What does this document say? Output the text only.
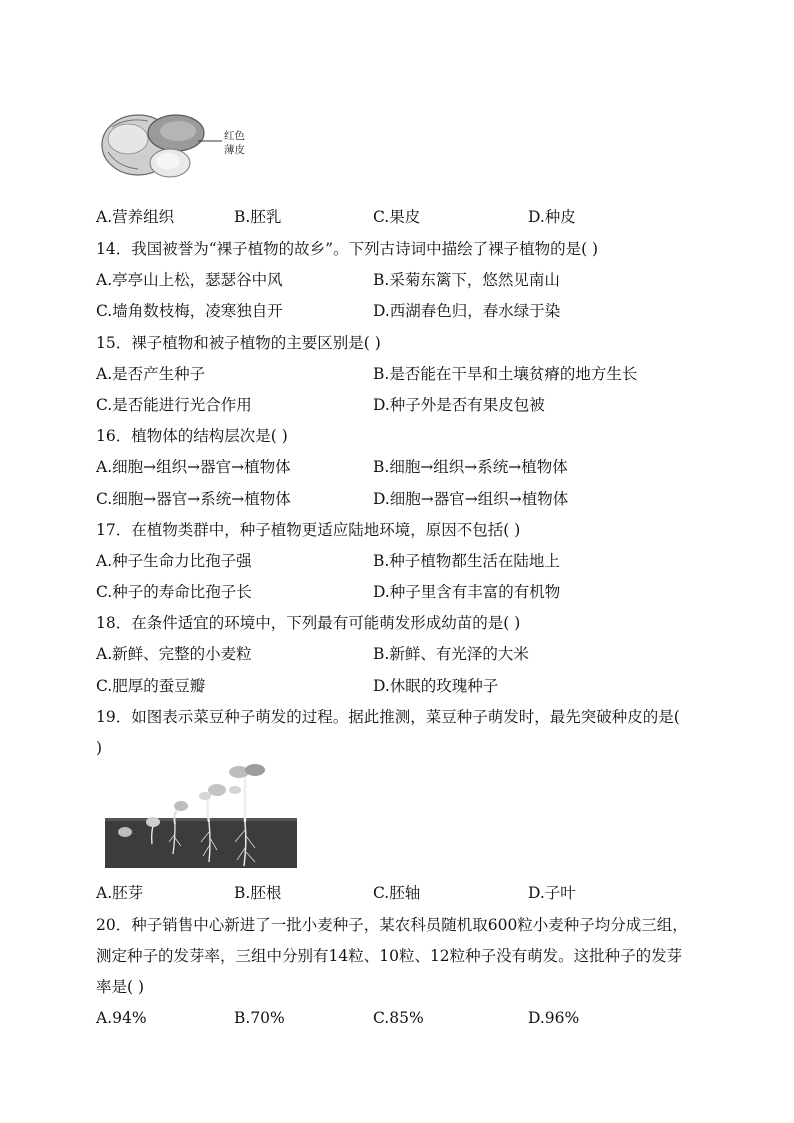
红色
薄皮
A.营养组织	B.胚乳	C.果皮	D.种皮
14．我国被誉为“裸子植物的故乡”。下列古诗词中描绘了裸子植物的是( )
A.亭亭山上松，瑟瑟谷中风	B.采菊东篱下，悠然见南山
C.墙角数枝梅，凌寒独自开	D.西湖春色归，春水绿于染
15．裸子植物和被子植物的主要区别是( )
A.是否产生种子	B.是否能在干旱和土壤贫瘠的地方生长
C.是否能进行光合作用	D.种子外是否有果皮包被
16．植物体的结构层次是( )
A.细胞→组织→器官→植物体	B.细胞→组织→系统→植物体
C.细胞→器官→系统→植物体	D.细胞→器官→组织→植物体
17．在植物类群中，种子植物更适应陆地环境，原因不包括( )
A.种子生命力比孢子强	B.种子植物都生活在陆地上
C.种子的寿命比孢子长	D.种子里含有丰富的有机物
18．在条件适宜的环境中，下列最有可能萌发形成幼苗的是( )
A.新鲜、完整的小麦粒	B.新鲜、有光泽的大米
C.肥厚的蚕豆瓣	D.休眠的玫瑰种子
19．如图表示菜豆种子萌发的过程。据此推测，菜豆种子萌发时，最先突破种皮的是(
)
A.胚芽	B.胚根	C.胚轴	D.子叶
20．种子销售中心新进了一批小麦种子，某农科员随机取600粒小麦种子均分成三组，
测定种子的发芽率，三组中分别有14粒、10粒、12粒种子没有萌发。这批种子的发芽
率是( )
A.94%	B.70%	C.85%	D.96%
